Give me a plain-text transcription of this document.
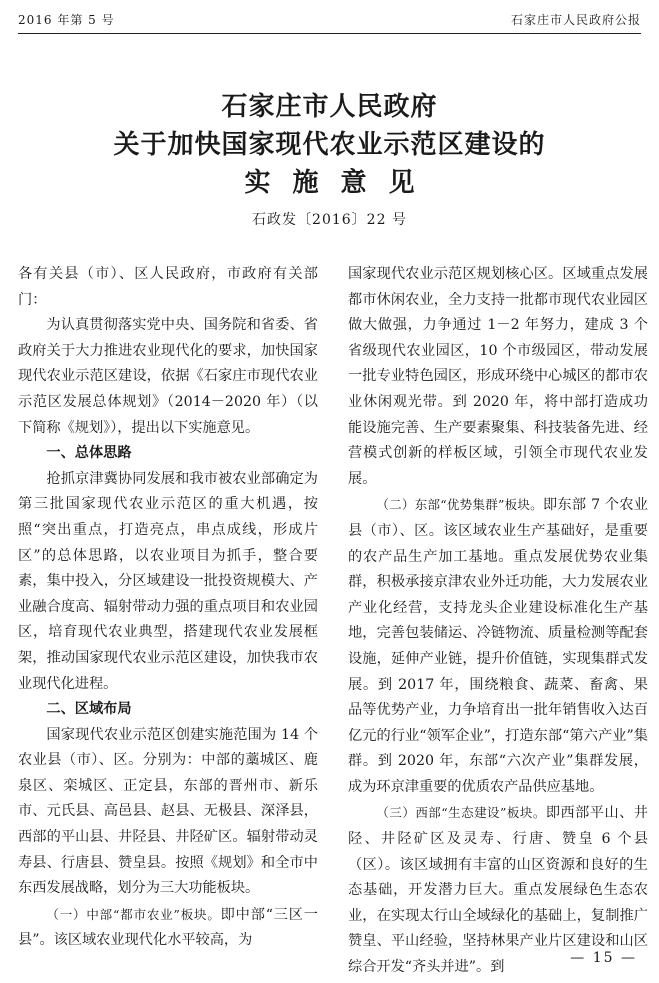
2016 年第 5 号	石家庄市人民政府公报
石家庄市人民政府
关于加快国家现代农业示范区建设的
实施意见
石政发〔2016〕22 号

各有关县（市）、区人民政府，市政府有关部门：

为认真贯彻落实党中央、国务院和省委、省政府关于大力推进农业现代化的要求，加快国家现代农业示范区建设，依据《石家庄市现代农业示范区发展总体规划》（2014－2020 年）（以下简称《规划》），提出以下实施意见。

一、总体思路

抢抓京津冀协同发展和我市被农业部确定为第三批国家现代农业示范区的重大机遇，按照“突出重点，打造亮点，串点成线，形成片区”的总体思路，以农业项目为抓手，整合要素，集中投入，分区域建设一批投资规模大、产业融合度高、辐射带动力强的重点项目和农业园区，培育现代农业典型，搭建现代农业发展框架，推动国家现代农业示范区建设，加快我市农业现代化进程。

二、区域布局

国家现代农业示范区创建实施范围为 14 个农业县（市）、区。分别为：中部的藁城区、鹿泉区、栾城区、正定县，东部的晋州市、新乐市、元氏县、高邑县、赵县、无极县、深泽县，西部的平山县、井陉县、井陉矿区。辐射带动灵寿县、行唐县、赞皇县。按照《规划》和全市中东西发展战略，划分为三大功能板块。

（一）中部“都市农业”板块。即中部“三区一县”。该区域农业现代化水平较高，为

国家现代农业示范区规划核心区。区域重点发展都市休闲农业，全力支持一批都市现代农业园区做大做强，力争通过 1－2 年努力，建成 3 个省级现代农业园区，10 个市级园区，带动发展一批专业特色园区，形成环绕中心城区的都市农业休闲观光带。到 2020 年，将中部打造成功能设施完善、生产要素聚集、科技装备先进、经营模式创新的样板区域，引领全市现代农业发展。

（二）东部“优势集群”板块。即东部 7 个农业县（市）、区。该区域农业生产基础好，是重要的农产品生产加工基地。重点发展优势农业集群，积极承接京津农业外迁功能，大力发展农业产业化经营，支持龙头企业建设标准化生产基地，完善包装储运、冷链物流、质量检测等配套设施，延伸产业链，提升价值链，实现集群式发展。到 2017 年，围绕粮食、蔬菜、畜禽、果品等优势产业，力争培育出一批年销售收入达百亿元的行业“领军企业”，打造东部“第六产业”集群。到 2020 年，东部“六次产业”集群发展，成为环京津重要的优质农产品供应基地。

（三）西部“生态建设”板块。即西部平山、井陉、井陉矿区及灵寿、行唐、赞皇 6 个县（区）。该区域拥有丰富的山区资源和良好的生态基础，开发潜力巨大。重点发展绿色生态农业，在实现太行山全域绿化的基础上，复制推广赞皇、平山经验，坚持林果产业片区建设和山区综合开发“齐头并进”。到

— 15 —
